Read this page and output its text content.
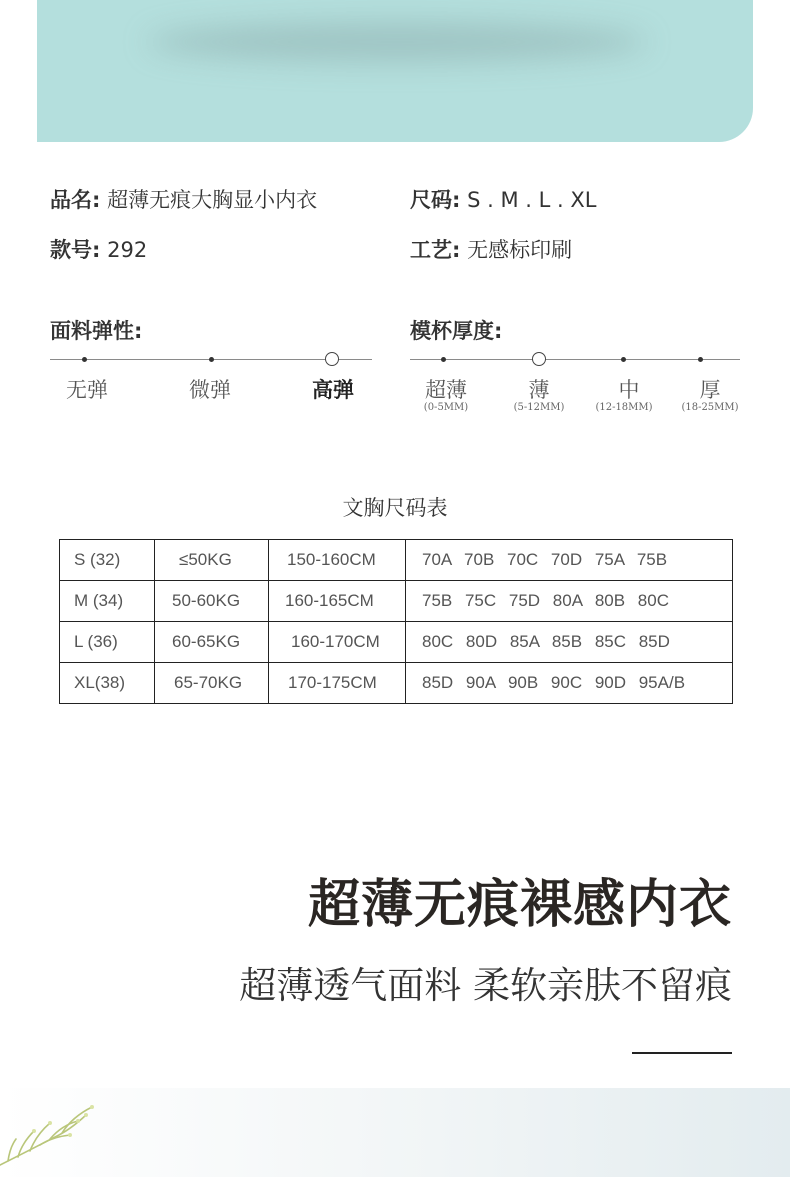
品名: 超薄无痕大胸显小内衣	尺码: S . M . L . XL
款号: 292	工艺: 无感标印刷
面料弹性:
无弹	微弹	高弹
模杯厚度:
超薄	薄	中	厚
(0-5MM)	(5-12MM)	(12-18MM)	(18-25MM)
文胸尺码表
S (32)	≤50KG	150-160CM	70A 70B 70C 70D 75A 75B
M (34)	50-60KG	160-165CM	75B 75C 75D 80A 80B 80C
L (36)	60-65KG	160-170CM	80C 80D 85A 85B 85C 85D
XL(38)	65-70KG	170-175CM	85D 90A 90B 90C 90D 95A/B
超薄无痕裸感内衣
超薄透气面料 柔软亲肤不留痕
